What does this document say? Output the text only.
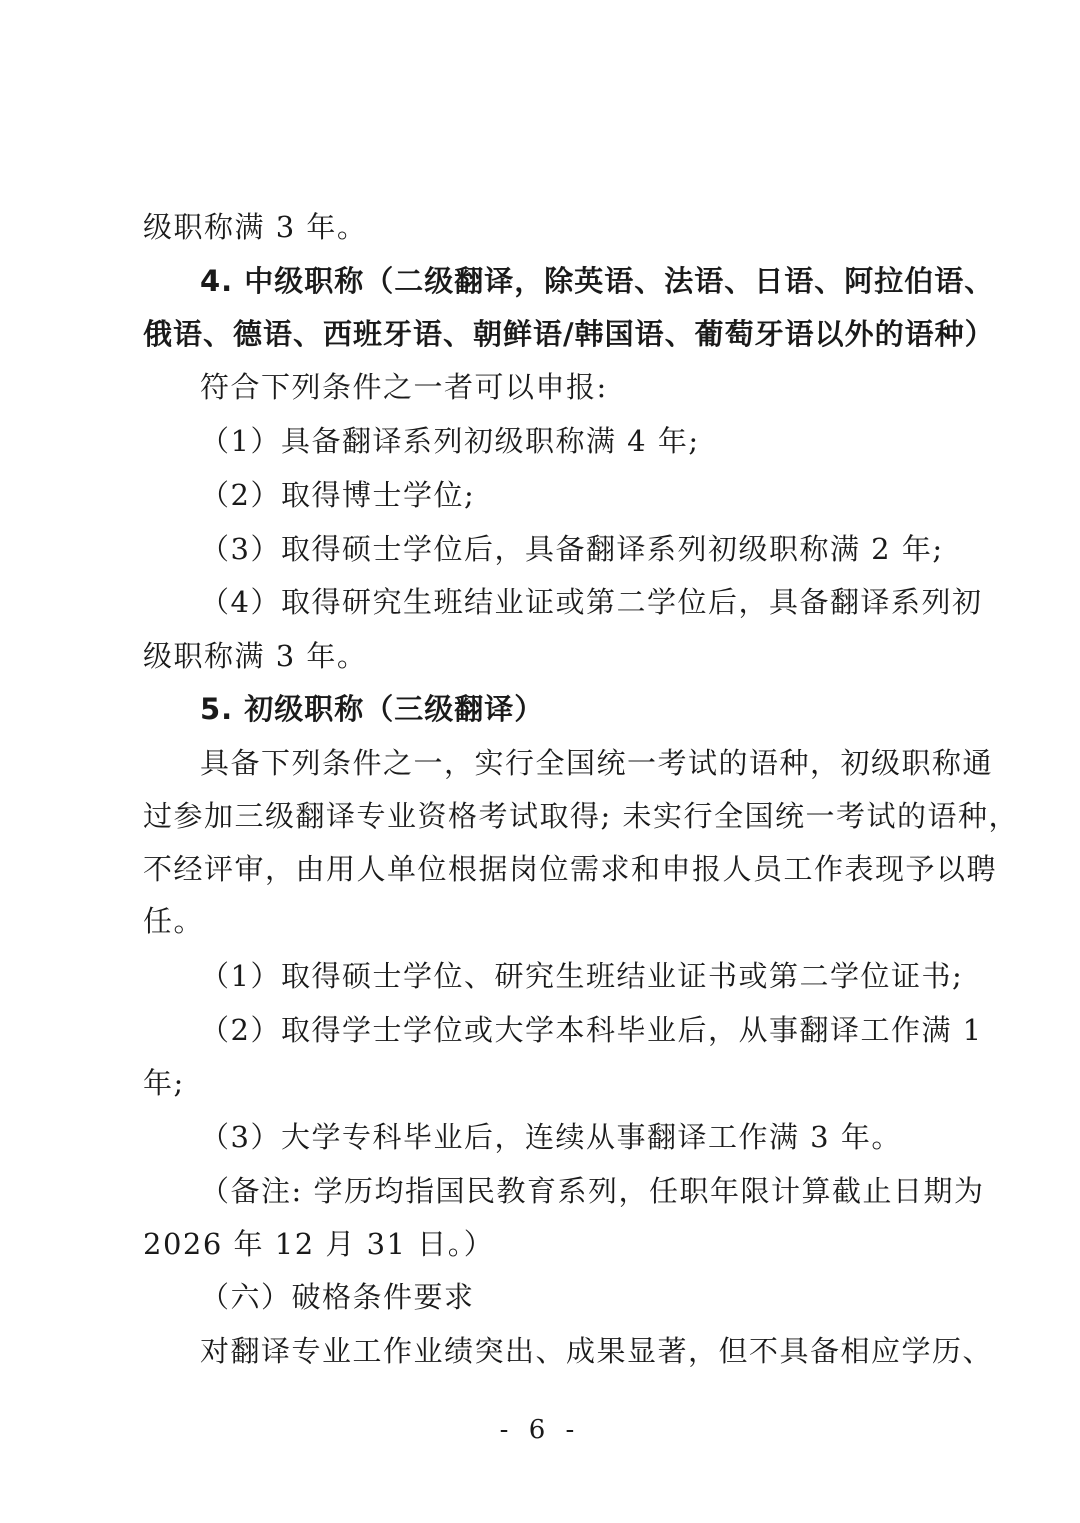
级职称满 3 年。
4. 中级职称（二级翻译，除英语、法语、日语、阿拉伯语、
俄语、德语、西班牙语、朝鲜语/韩国语、葡萄牙语以外的语种）
符合下列条件之一者可以申报:
（1）具备翻译系列初级职称满 4 年;
（2）取得博士学位;
（3）取得硕士学位后，具备翻译系列初级职称满 2 年;
（4）取得研究生班结业证或第二学位后，具备翻译系列初
级职称满 3 年。
5. 初级职称（三级翻译）
具备下列条件之一，实行全国统一考试的语种，初级职称通
过参加三级翻译专业资格考试取得; 未实行全国统一考试的语种，
不经评审，由用人单位根据岗位需求和申报人员工作表现予以聘
任。
（1）取得硕士学位、研究生班结业证书或第二学位证书;
（2）取得学士学位或大学本科毕业后，从事翻译工作满 1
年;
（3）大学专科毕业后，连续从事翻译工作满 3 年。
（备注: 学历均指国民教育系列，任职年限计算截止日期为
2026 年 12 月 31 日。）
（六）破格条件要求
对翻译专业工作业绩突出、成果显著，但不具备相应学历、
- 6 -
